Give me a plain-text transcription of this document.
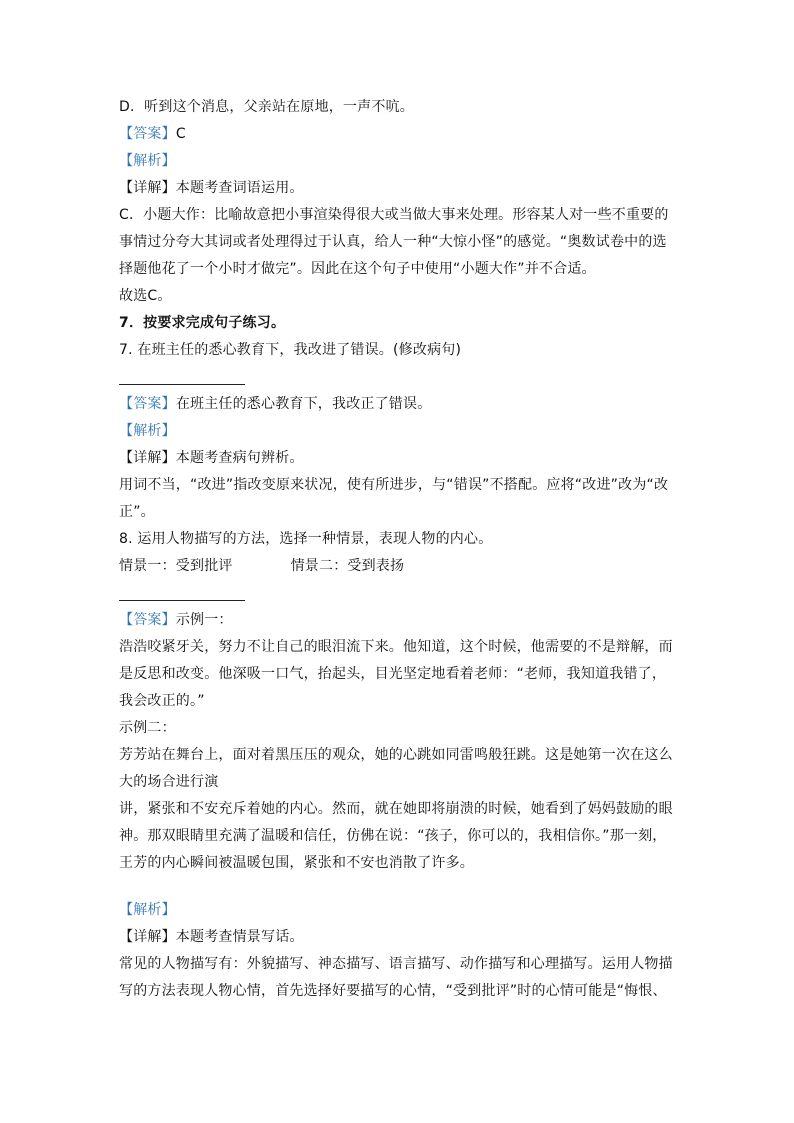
D．听到这个消息，父亲站在原地，一声不吭。
【答案】C
【解析】
【详解】本题考查词语运用。
C．小题大作：比喻故意把小事渲染得很大或当做大事来处理。形容某人对一些不重要的事情过分夸大其词或者处理得过于认真，给人一种“大惊小怪”的感觉。“奥数试卷中的选择题他花了一个小时才做完”。因此在这个句子中使用“小题大作”并不合适。
故选C。
7．按要求完成句子练习。
7. 在班主任的悉心教育下，我改进了错误。(修改病句)
【答案】在班主任的悉心教育下，我改正了错误。
【解析】
【详解】本题考查病句辨析。
用词不当，“改进”指改变原来状况，使有所进步，与“错误”不搭配。应将“改进”改为“改正”。
8. 运用人物描写的方法，选择一种情景，表现人物的内心。
情景一：受到批评	情景二：受到表扬
【答案】示例一：
浩浩咬紧牙关，努力不让自己的眼泪流下来。他知道，这个时候，他需要的不是辩解，而是反思和改变。他深吸一口气，抬起头，目光坚定地看着老师：“老师，我知道我错了，我会改正的。”
示例二：
芳芳站在舞台上，面对着黑压压的观众，她的心跳如同雷鸣般狂跳。这是她第一次在这么大的场合进行演
讲，紧张和不安充斥着她的内心。然而，就在她即将崩溃的时候，她看到了妈妈鼓励的眼神。那双眼睛里充满了温暖和信任，仿佛在说：“孩子，你可以的，我相信你。”那一刻，王芳的内心瞬间被温暖包围，紧张和不安也消散了许多。
【解析】
【详解】本题考查情景写话。
常见的人物描写有：外貌描写、神态描写、语言描写、动作描写和心理描写。运用人物描写的方法表现人物心情，首先选择好要描写的心情，“受到批评”时的心情可能是“悔恨、
